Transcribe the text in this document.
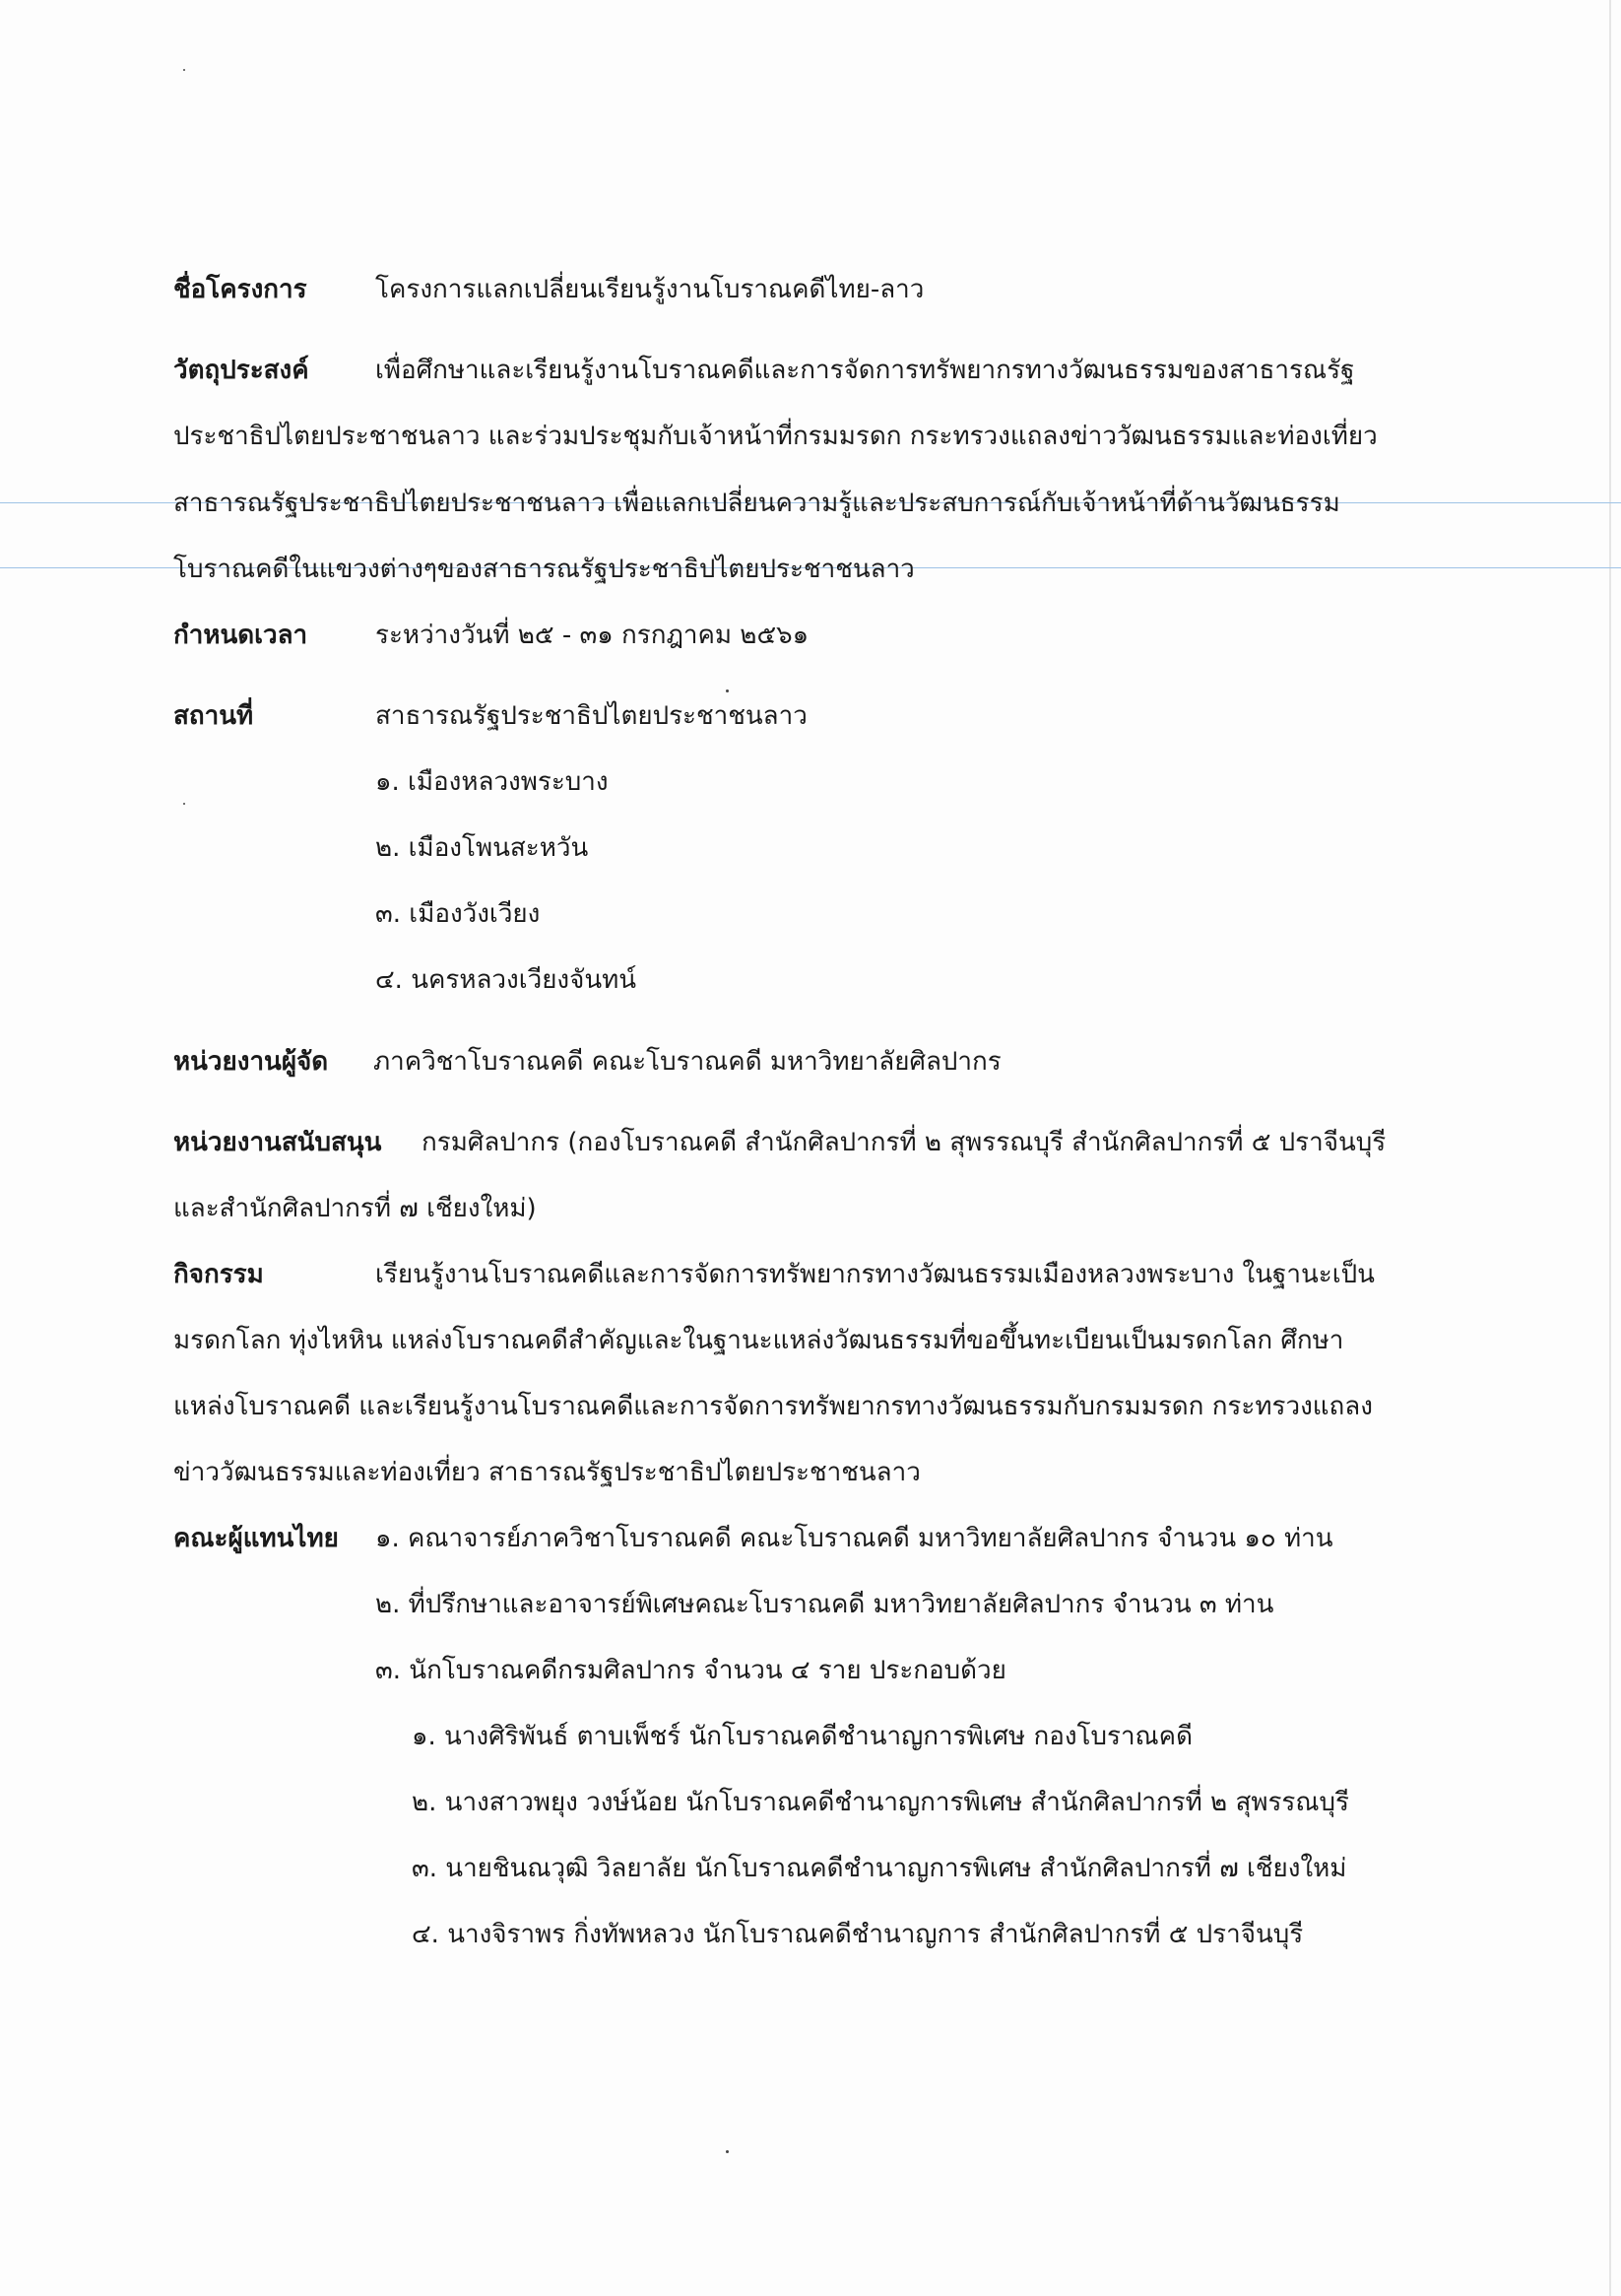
ชื่อโครงการ	โครงการแลกเปลี่ยนเรียนรู้งานโบราณคดีไทย-ลาว
วัตถุประสงค์	เพื่อศึกษาและเรียนรู้งานโบราณคดีและการจัดการทรัพยากรทางวัฒนธรรมของสาธารณรัฐ
ประชาธิปไตยประชาชนลาว และร่วมประชุมกับเจ้าหน้าที่กรมมรดก กระทรวงแถลงข่าววัฒนธรรมและท่องเที่ยว
สาธารณรัฐประชาธิปไตยประชาชนลาว เพื่อแลกเปลี่ยนความรู้และประสบการณ์กับเจ้าหน้าที่ด้านวัฒนธรรม
โบราณคดีในแขวงต่างๆของสาธารณรัฐประชาธิปไตยประชาชนลาว
กำหนดเวลา	ระหว่างวันที่ ๒๕ - ๓๑ กรกฎาคม ๒๕๖๑
สถานที่	สาธารณรัฐประชาธิปไตยประชาชนลาว
๑. เมืองหลวงพระบาง
๒. เมืองโพนสะหวัน
๓. เมืองวังเวียง
๔. นครหลวงเวียงจันทน์
หน่วยงานผู้จัด ภาควิชาโบราณคดี คณะโบราณคดี มหาวิทยาลัยศิลปากร
หน่วยงานสนับสนุน กรมศิลปากร (กองโบราณคดี สำนักศิลปากรที่ ๒ สุพรรณบุรี สำนักศิลปากรที่ ๕ ปราจีนบุรี
และสำนักศิลปากรที่ ๗ เชียงใหม่)
กิจกรรม	เรียนรู้งานโบราณคดีและการจัดการทรัพยากรทางวัฒนธรรมเมืองหลวงพระบาง ในฐานะเป็น
มรดกโลก ทุ่งไหหิน แหล่งโบราณคดีสำคัญและในฐานะแหล่งวัฒนธรรมที่ขอขึ้นทะเบียนเป็นมรดกโลก ศึกษา
แหล่งโบราณคดี และเรียนรู้งานโบราณคดีและการจัดการทรัพยากรทางวัฒนธรรมกับกรมมรดก กระทรวงแถลง
ข่าววัฒนธรรมและท่องเที่ยว สาธารณรัฐประชาธิปไตยประชาชนลาว
คณะผู้แทนไทย ๑. คณาจารย์ภาควิชาโบราณคดี คณะโบราณคดี มหาวิทยาลัยศิลปากร จำนวน ๑๐ ท่าน
๒. ที่ปรึกษาและอาจารย์พิเศษคณะโบราณคดี มหาวิทยาลัยศิลปากร จำนวน ๓ ท่าน
๓. นักโบราณคดีกรมศิลปากร จำนวน ๔ ราย ประกอบด้วย
๑. นางศิริพันธ์ ตาบเพ็ชร์ นักโบราณคดีชำนาญการพิเศษ กองโบราณคดี
๒. นางสาวพยุง วงษ์น้อย นักโบราณคดีชำนาญการพิเศษ สำนักศิลปากรที่ ๒ สุพรรณบุรี
๓. นายชินณวุฒิ วิลยาลัย นักโบราณคดีชำนาญการพิเศษ สำนักศิลปากรที่ ๗ เชียงใหม่
๔. นางจิราพร กิ่งทัพหลวง นักโบราณคดีชำนาญการ สำนักศิลปากรที่ ๕ ปราจีนบุรี
